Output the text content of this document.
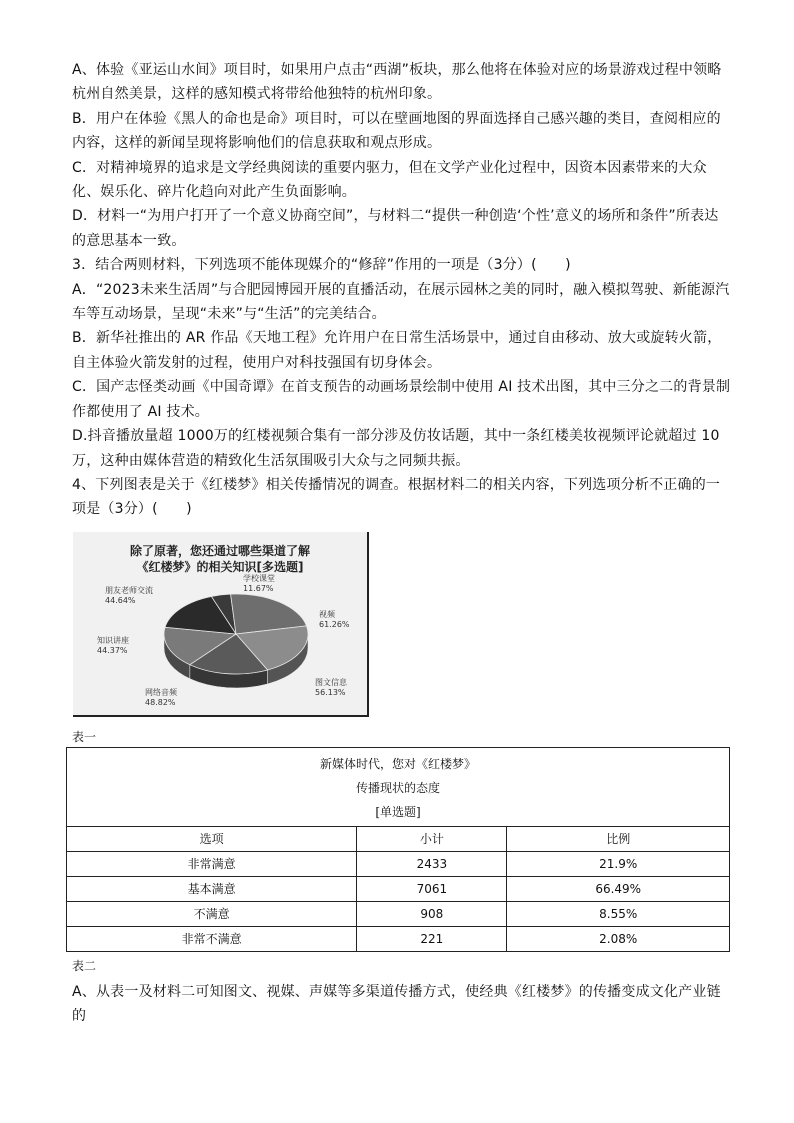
A、体验《亚运山水间》项目时，如果用户点击“西湖”板块，那么他将在体验对应的场景游戏过程中领略杭州自然美景，这样的感知模式将带给他独特的杭州印象。

B．用户在体验《黑人的命也是命》项目时，可以在壁画地图的界面选择自己感兴趣的类目，查阅相应的内容，这样的新闻呈现将影响他们的信息获取和观点形成。

C．对精神境界的追求是文学经典阅读的重要内驱力，但在文学产业化过程中，因资本因素带来的大众化、娱乐化、碎片化趋向对此产生负面影响。

D．材料一“为用户打开了一个意义协商空间”，与材料二“提供一种创造‘个性’意义的场所和条件”所表达的意思基本一致。

3．结合两则材料，下列选项不能体现媒介的“修辞”作用的一项是（3分）(　　)

A．“2023未来生活周”与合肥园博园开展的直播活动，在展示园林之美的同时，融入模拟驾驶、新能源汽车等互动场景，呈现“未来”与“生活”的完美结合。

B．新华社推出的 AR 作品《天地工程》允许用户在日常生活场景中，通过自由移动、放大或旋转火箭，自主体验火箭发射的过程，使用户对科技强国有切身体会。

C．国产志怪类动画《中国奇谭》在首支预告的动画场景绘制中使用 AI 技术出图，其中三分之二的背景制作都使用了 AI 技术。

D.抖音播放量超 1000万的红楼视频合集有一部分涉及仿妆话题，其中一条红楼美妆视频评论就超过 10万，这种由媒体营造的精致化生活氛围吸引大众与之同频共振。

4、下列图表是关于《红楼梦》相关传播情况的调查。根据材料二的相关内容，下列选项分析不正确的一项是（3分）(　　)

除了原著，您还通过哪些渠道了解
《红楼梦》的相关知识[多选题]
学校课堂
11.67%
视频
61.26%
图文信息
56.13%
网络音频
48.82%
知识讲座
44.37%
朋友老师交流
44.64%

表一

新媒体时代，您对《红楼梦》
传播现状的态度
[单选题]		

选项	小计	比例
非常满意	2433	21.9%
基本满意	7061	66.49%
不满意	908	8.55%
非常不满意	221	2.08%

表二

A、从表一及材料二可知图文、视媒、声媒等多渠道传播方式，使经典《红楼梦》的传播变成文化产业链的
